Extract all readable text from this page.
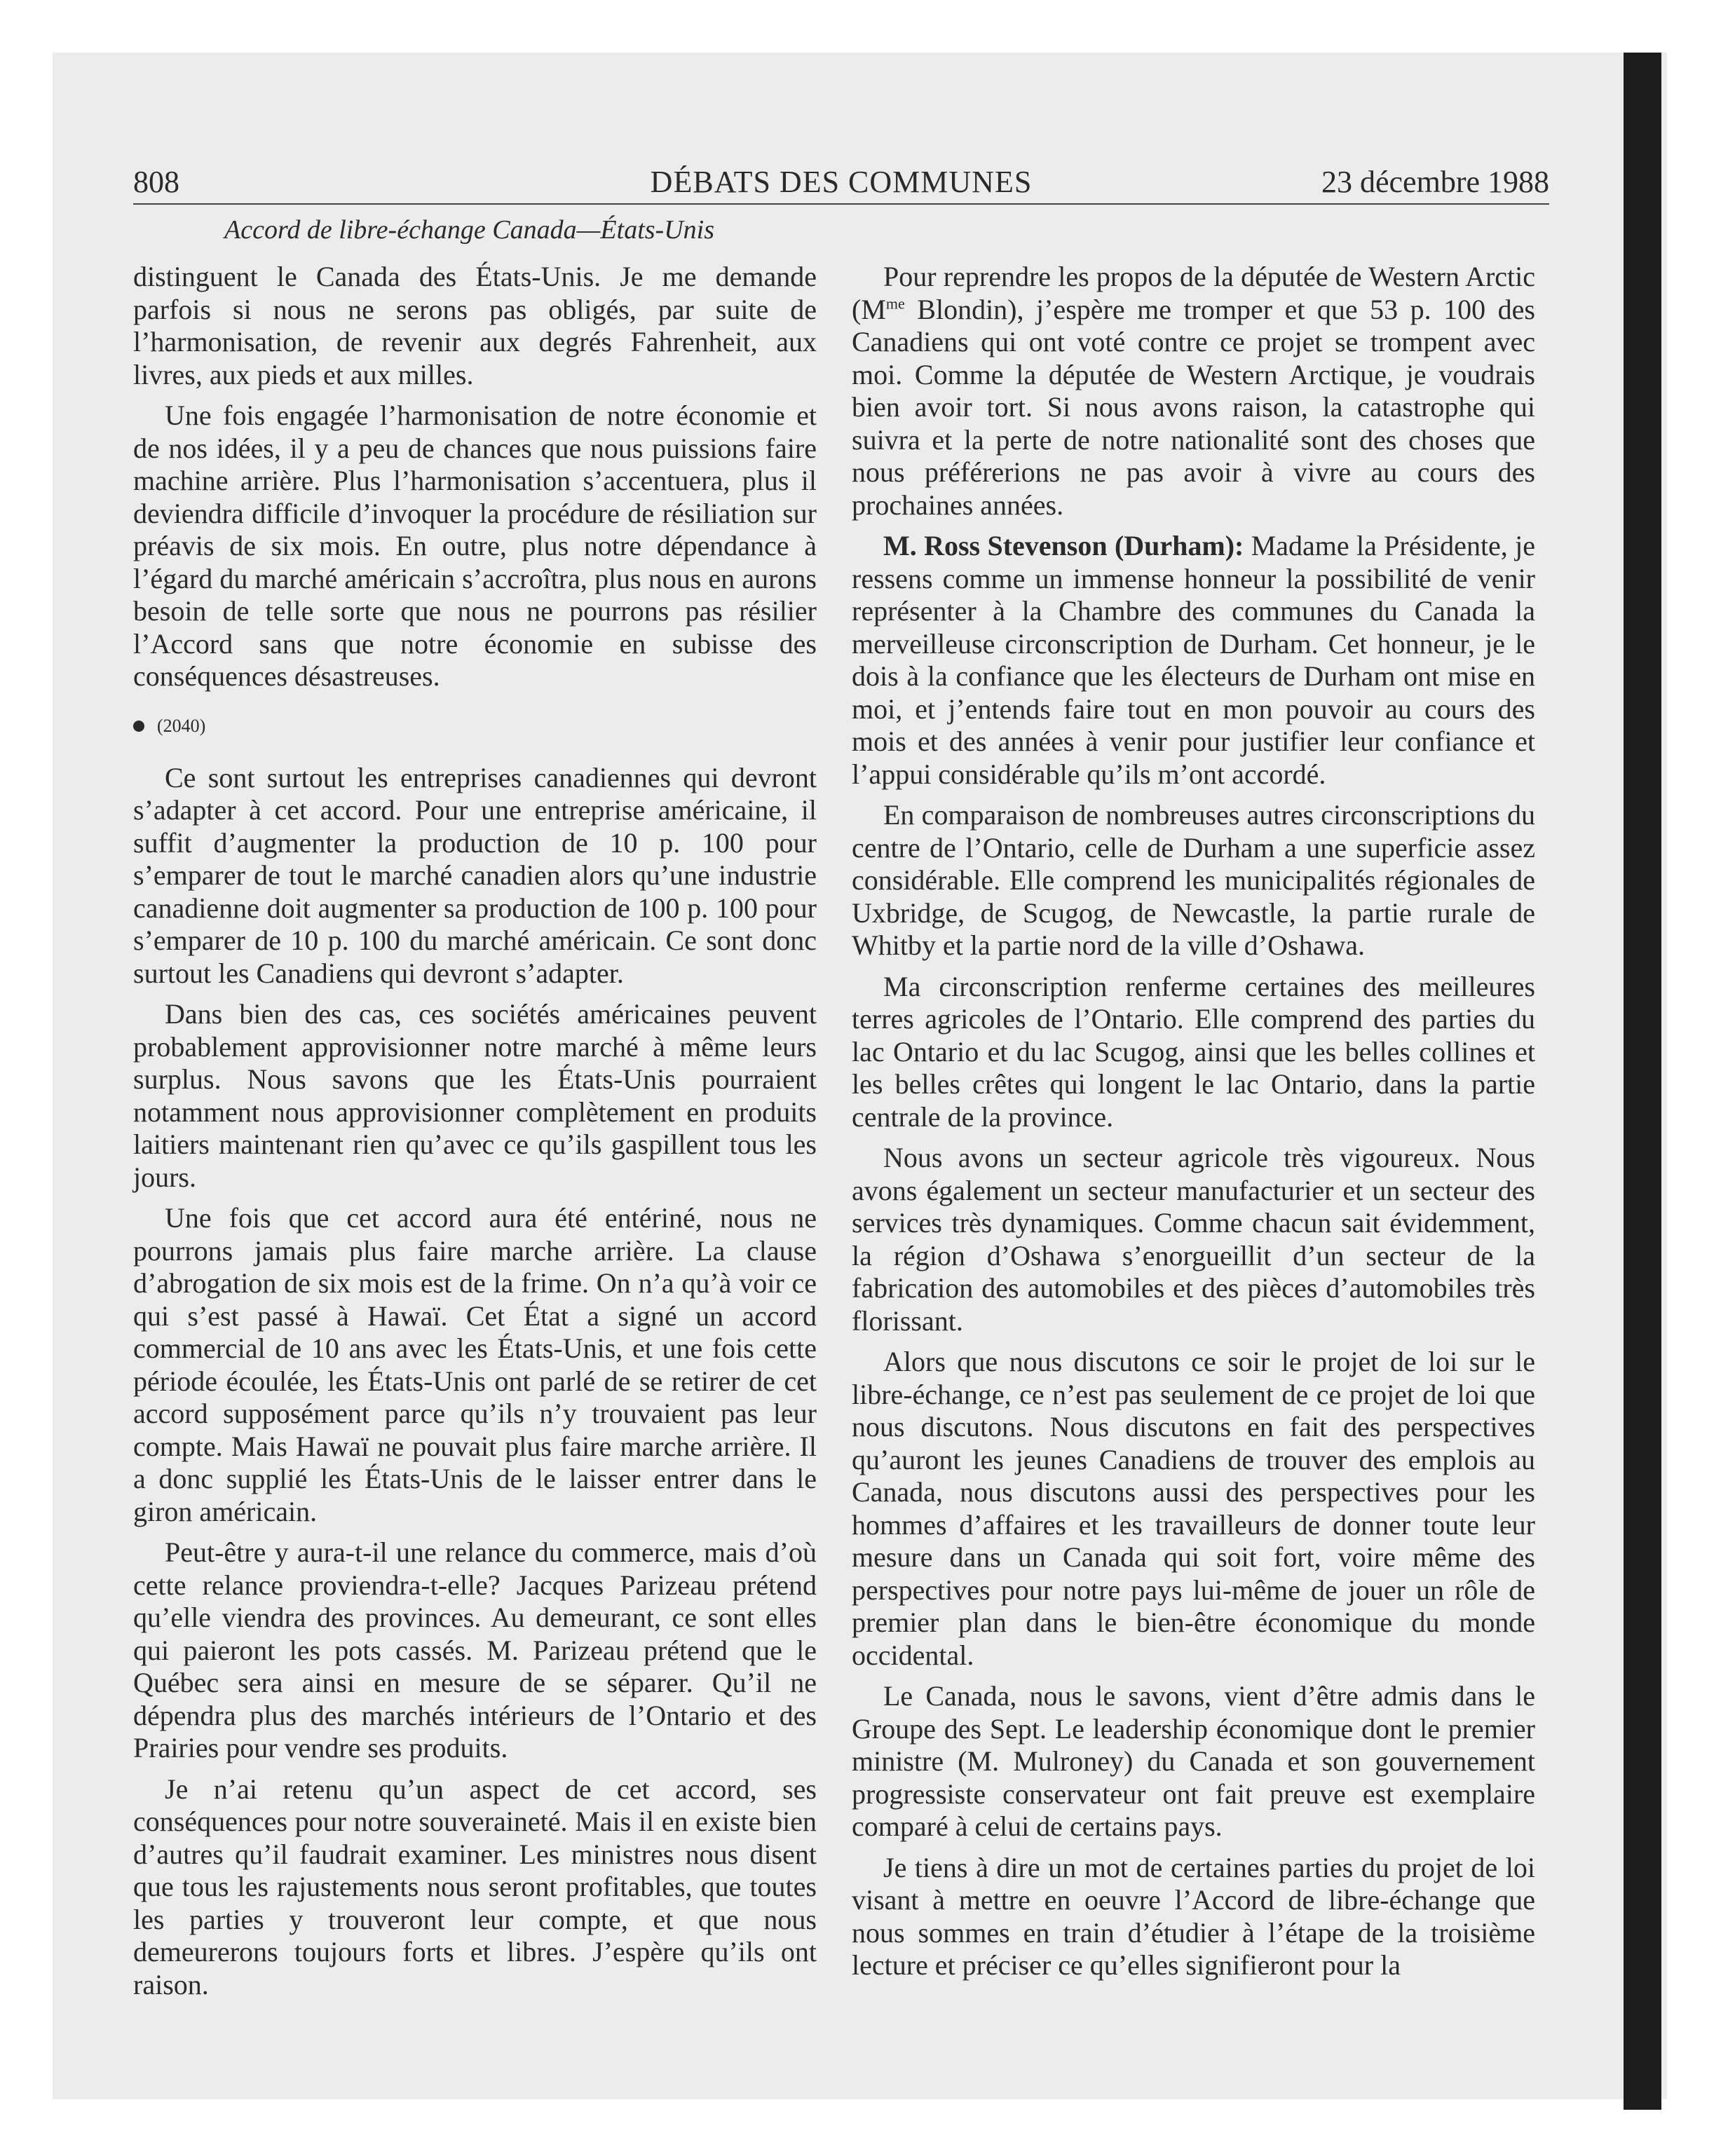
808	DÉBATS DES COMMUNES	23 décembre 1988
Accord de libre-échange Canada—États-Unis

distinguent le Canada des États-Unis. Je me demande parfois si nous ne serons pas obligés, par suite de l’harmonisation, de revenir aux degrés Fahrenheit, aux livres, aux pieds et aux milles.

Une fois engagée l’harmonisation de notre économie et de nos idées, il y a peu de chances que nous puissions faire machine arrière. Plus l’harmonisation s’accentuera, plus il deviendra difficile d’invoquer la procédure de résiliation sur préavis de six mois. En outre, plus notre dépendance à l’égard du marché américain s’accroîtra, plus nous en aurons besoin de telle sorte que nous ne pourrons pas résilier l’Accord sans que notre économie en subisse des conséquences désastreuses.

(2040)

Ce sont surtout les entreprises canadiennes qui devront s’adapter à cet accord. Pour une entreprise américaine, il suffit d’augmenter la production de 10 p. 100 pour s’emparer de tout le marché canadien alors qu’une industrie canadienne doit augmenter sa production de 100 p. 100 pour s’emparer de 10 p. 100 du marché américain. Ce sont donc surtout les Canadiens qui devront s’adapter.

Dans bien des cas, ces sociétés américaines peuvent probablement approvisionner notre marché à même leurs surplus. Nous savons que les États-Unis pourraient notamment nous approvisionner complètement en produits laitiers maintenant rien qu’avec ce qu’ils gaspillent tous les jours.

Une fois que cet accord aura été entériné, nous ne pourrons jamais plus faire marche arrière. La clause d’abrogation de six mois est de la frime. On n’a qu’à voir ce qui s’est passé à Hawaï. Cet État a signé un accord commercial de 10 ans avec les États-Unis, et une fois cette période écoulée, les États-Unis ont parlé de se retirer de cet accord supposément parce qu’ils n’y trouvaient pas leur compte. Mais Hawaï ne pouvait plus faire marche arrière. Il a donc supplié les États-Unis de le laisser entrer dans le giron américain.

Peut-être y aura-t-il une relance du commerce, mais d’où cette relance proviendra-t-elle? Jacques Parizeau prétend qu’elle viendra des provinces. Au demeurant, ce sont elles qui paieront les pots cassés. M. Parizeau prétend que le Québec sera ainsi en mesure de se séparer. Qu’il ne dépendra plus des marchés intérieurs de l’Ontario et des Prairies pour vendre ses produits.

Je n’ai retenu qu’un aspect de cet accord, ses conséquences pour notre souveraineté. Mais il en existe bien d’autres qu’il faudrait examiner. Les ministres nous disent que tous les rajustements nous seront profitables, que toutes les parties y trouveront leur compte, et que nous demeurerons toujours forts et libres. J’espère qu’ils ont raison.

Pour reprendre les propos de la députée de Western Arctic ($M^{me}$ Blondin), j’espère me tromper et que 53 p. 100 des Canadiens qui ont voté contre ce projet se trompent avec moi. Comme la députée de Western Arctique, je voudrais bien avoir tort. Si nous avons raison, la catastrophe qui suivra et la perte de notre nationalité sont des choses que nous préférerions ne pas avoir à vivre au cours des prochaines années.

M. Ross Stevenson (Durham): Madame la Présidente, je ressens comme un immense honneur la possibilité de venir représenter à la Chambre des communes du Canada la merveilleuse circonscription de Durham. Cet honneur, je le dois à la confiance que les électeurs de Durham ont mise en moi, et j’entends faire tout en mon pouvoir au cours des mois et des années à venir pour justifier leur confiance et l’appui considérable qu’ils m’ont accordé.

En comparaison de nombreuses autres circonscriptions du centre de l’Ontario, celle de Durham a une superficie assez considérable. Elle comprend les municipalités régionales de Uxbridge, de Scugog, de Newcastle, la partie rurale de Whitby et la partie nord de la ville d’Oshawa.

Ma circonscription renferme certaines des meilleures terres agricoles de l’Ontario. Elle comprend des parties du lac Ontario et du lac Scugog, ainsi que les belles collines et les belles crêtes qui longent le lac Ontario, dans la partie centrale de la province.

Nous avons un secteur agricole très vigoureux. Nous avons également un secteur manufacturier et un secteur des services très dynamiques. Comme chacun sait évidemment, la région d’Oshawa s’enorgueillit d’un secteur de la fabrication des automobiles et des pièces d’automobiles très florissant.

Alors que nous discutons ce soir le projet de loi sur le libre-échange, ce n’est pas seulement de ce projet de loi que nous discutons. Nous discutons en fait des perspectives qu’auront les jeunes Canadiens de trouver des emplois au Canada, nous discutons aussi des perspectives pour les hommes d’affaires et les travailleurs de donner toute leur mesure dans un Canada qui soit fort, voire même des perspectives pour notre pays lui-même de jouer un rôle de premier plan dans le bien-être économique du monde occidental.

Le Canada, nous le savons, vient d’être admis dans le Groupe des Sept. Le leadership économique dont le premier ministre (M. Mulroney) du Canada et son gouvernement progressiste conservateur ont fait preuve est exemplaire comparé à celui de certains pays.

Je tiens à dire un mot de certaines parties du projet de loi visant à mettre en oeuvre l’Accord de libre-échange que nous sommes en train d’étudier à l’étape de la troisième lecture et préciser ce qu’elles signifieront pour la
